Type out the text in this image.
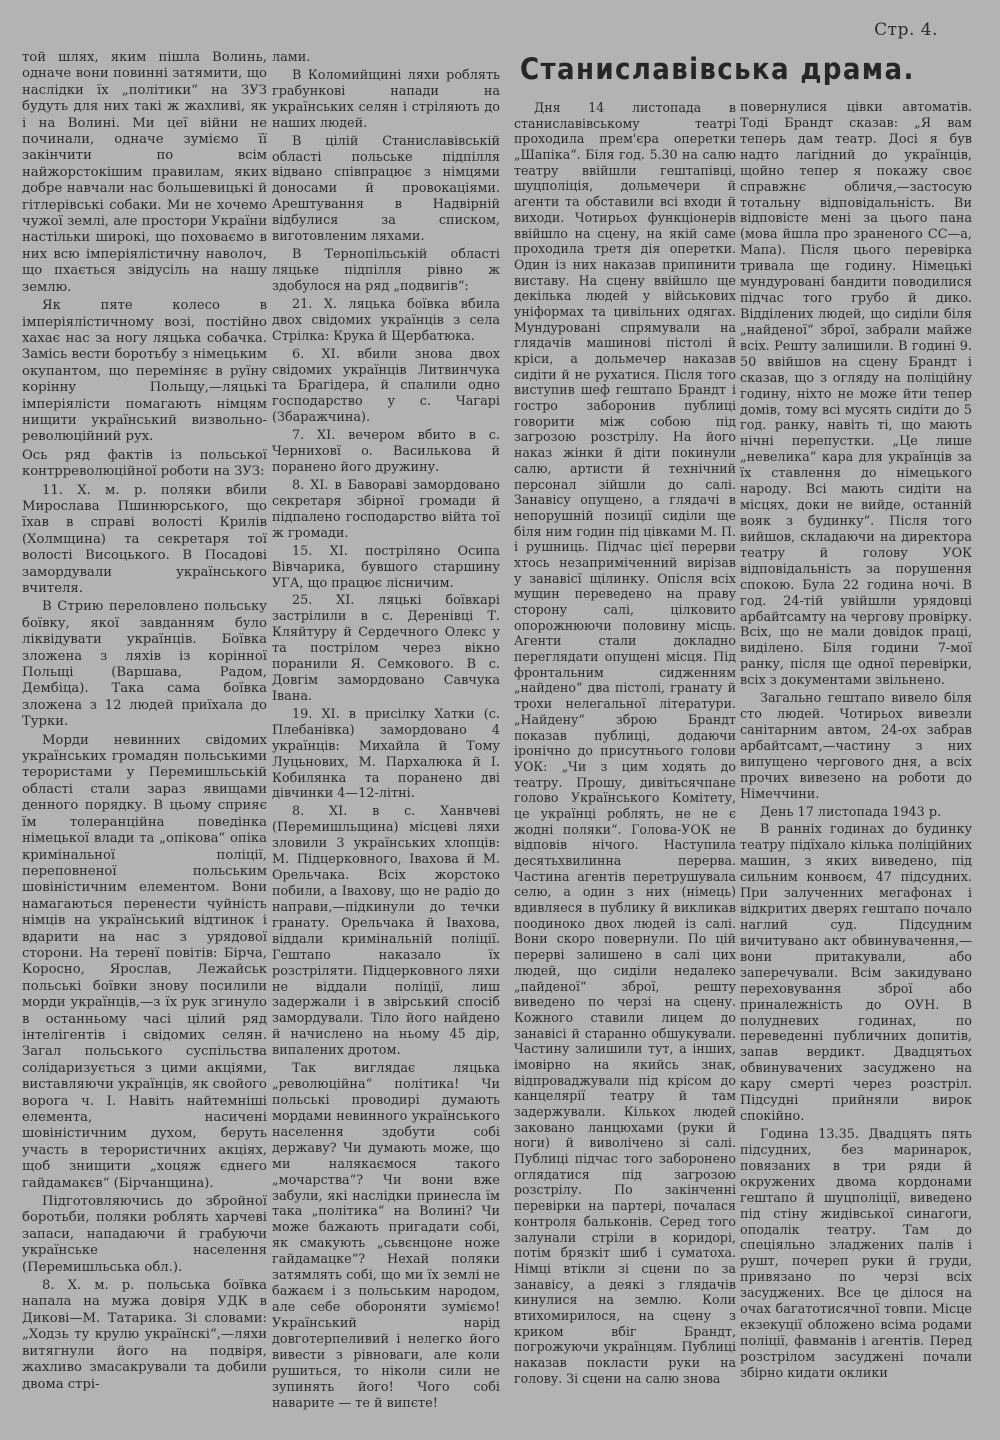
Стр. 4.
Станиславівська драма.

той шлях, яким пішла Волинь, одначе вони повинні затямити, що наслідки їх „політики“ на ЗУЗ будуть для них такі ж жахливі, як і на Волині. Ми цеї війни не починали, одначе зуміємо її закінчити по всім найжорстокішим правилам, яких добре навчали нас большевицькі й гітлерівські собаки. Ми не хочемо чужої землі, але простори України настільки широкі, що поховаємо в них всю імперіялістичну наволоч, що пхається звідусіль на нашу землю.

Як пяте колесо в імперіялістичному возі, постійно хахає нас за ногу ляцька собачка. Замісь вести боротьбу з німецьким окупантом, що переміняє в руїну корінну Польщу,—ляцькі імперіялісти помагають німцям нищити український визвольно-революційний рух.

Ось ряд фактів із польської контрреволюційної роботи на ЗУЗ:

11. Х. м. р. поляки вбили Мирослава Пшинюрського, що їхав в справі волості Крилів (Холмщина) та секретаря тої волості Висоцького. В Посадові замордували українського вчителя.

В Стрию переловлено польську боївку, якої завданням було ліквідувати українців. Боївка зложена з ляхів із корінної Польщі (Варшава, Радом, Дембіца). Така сама боївка зложена з 12 людей приїхала до Турки.

Морди невинних свідомих українських громадян польськими терористами у Перемишльській області стали зараз явищами денного порядку. В цьому сприяє їм толеранційна поведінка німецької влади та „опікова“ опіка кримінальної поліції, переповненої польським шовіністичним елементом. Вони намагаються перенести чуйність німців на український відтинок і вдарити на нас з урядової сторони. На теренї повітів: Бірча, Коросно, Ярослав, Лежайськ польські боївки знову посилили морди українців,—з їх рук згинуло в останньому часі цілий ряд інтелігентів і свідомих селян. Загал польського суспільства солідаризується з цими акціями, виставляючи українців, як свойого ворога ч. І. Навіть найтемніші елемента, насичені шовіністичним духом, беруть участь в терористичних акціях, щоб знищити „хоцяж єднего гайдамакєв“ (Бірчанщина).

Підготовляючись до збройної боротьби, поляки роблять харчеві запаси, нападаючи й грабуючи українське населення (Перемишльська обл.).

8. Х. м. р. польська боївка напала на мужа довіря УДК в Дикові—М. Татарика. Зі словами: „Ходзь ту крулю українскі“,—ляхи витягнули його на подвіря, жахливо змасакрували та добили двома стрі-

лами.

В Коломийщині ляхи роблять грабункові напади на українських селян і стріляють до наших людей.

В цілій Станиславівській області польське підпілля відвано співпрацює з німцями доносами й провокаціями. Арештування в Надвірній відбулися за списком, виготовленим ляхами.

В Тернопільській області ляцьке підпілля рівно ж здобулося на ряд „подвигів“:

21. Х. ляцька боївка вбила двох свідомих українців з села Стрілка: Крука й Щербатюка.

6. ХІ. вбили знова двох свідомих українців Литвинчука та Брагідера, й спалили одно господарство у с. Чагарі (Збаражчина).

7. ХІ. вечером вбито в с. Черниховї о. Василькова й поранено його дружину.

8. ХІ. в Бавораві замордовано секретаря збірної громади й підпалено господарство війта тої ж громади.

15. ХІ. постріляно Осипа Вівчарика, бувшого старшину УГА, що працює лісничим.

25. ХІ. ляцькі боївкарі застрілили в с. Деренівці Т. Кляйтуру й Сердечного Олекс у та пострілом через вікно поранили Я. Семкового. В с. Довгім замордовано Савчука Івана.

19. ХІ. в присілку Хатки (с. Плебанівка) замордовано 4 українців: Михайла й Тому Луцьнових, М. Пархалюка й І. Кобилянка та поранено дві дівчинки 4—12-літні.

8. ХІ. в с. Ханвчеві (Перемишльщина) місцеві ляхи зловили 3 українських хлопців: М. Підцерковного, Івахова й М. Орельчака. Всіх жорстоко побили, а Івахову, що не радіо до направи,—підкинули до течки гранату. Орельчака й Івахова, віддали кримінальній поліції. Гештапо наказало їх розстріляти. Підцерковного ляхи не віддали поліції, лиш задержали і в звірський спосіб замордували. Тіло його найдено й начислено на ньому 45 дір, випалених дротом.

Так виглядає ляцька „революційна“ політика! Чи польські проводирі думають мордами невинного українського населення здобути собі державу? Чи думають може, що ми налякаємося такого „мочарства“? Чи вони вже забули, які наслідки принесла їм така „політика“ на Волині? Чи може бажають пригадати собі, як смакують „сьвєнцоне ноже гайдамацке“? Нехай поляки затямлять собі, що ми їх землі не бажаєм і з польським народом, але себе обороняти зуміємо! Український нарід довготерпеливий і нелегко його вивести з рівноваги, але коли рушиться, то ніколи сили не зупинять його! Чого собі наварите — те й випєте!

Дня 14 листопада в станиславівському театрі проходила прем'єра оперетки „Шапіка“. Біля год. 5.30 на салю театру ввійшли гештапівці, шуцполіція, дольмечери й агенти та обставили всі входи й виходи. Чотирьох функціонерів ввійшло на сцену, на якій саме проходила третя дія оперетки. Один із них наказав припинити виставу. На сцену ввійшло ще декілька людей у військових уніформах та цивільних одягах. Мундуровані спрямували на глядачів машинові пістолі й кріси, а дольмечер наказав сидіти й не рухатися. Після того виступив шеф гештапо Брандт і гостро заборонив публиці говорити між собою під загрозою розстрілу. На його наказ жінки й діти покинули салю, артисти й технічний персонал зійшли до салі. Занавісу опущено, а глядачі в непорушній позиції сиділи ще біля ним годин під цівками М. П. і рушниць. Підчас цієї перерви хтось незаприміченний вирізав у занавісї щілинку. Опісля всіх мущин переведено на праву сторону салі, цілковито опорожнюючи половину місць. Агенти стали докладно переглядати опущені місця. Під фронтальним сидженням „найдено“ два пістолі, гранату й трохи нелегальної літератури. „Найдену“ зброю Брандт показав публиці, додаючи іронічно до присутнього голови УОК: „Чи з цим ходять до театру. Прошу, дивітьсячпане голово Українського Комітету, це українці роблять, не не є жодні поляки“. Голова-УОК не відповів нічого. Наступила десятьхвилинна перерва. Частина агентів перетрушувала селю, а один з них (німець) вдивляеся в публику й викликав поодиноко двох людей із салі. Вони скоро повернули. По цій перерві залишено в салі цих людей, що сиділи недалеко „пайденої“ зброї, решту виведено по черзі на сцену. Кожного ставили лицем до занавісі й старанно обшукували. Частину залишили тут, а інших, імовірно на якийсь знак, відпроваджували під крісом до канцелярії театру й там задержували. Кількох людей заковано ланцюхами (руки й ноги) й виволічено зі салі. Публиці підчас того заборонено оглядатися під загрозою розстрілу. По закінченні перевірки на партері, почалася контроля бальконів. Серед того залунали стріли в коридорі, потім брязкіт шиб і суматоха. Німці втікли зі сцени по за занавісу, а деякі з глядачів кинулися на землю. Коли втихомирилося, на сцену з криком вбіг Брандт, погрожуючи українцям. Публиці наказав покласти руки на голову. Зі сцени на салю знова

повернулися цівки автоматів. Тоді Брандт сказав: „Я вам теперь дам театр. Досі я був надто лагідний до українців, щойно тепер я покажу своє справжнє обличя,—застосую тотальну відповідальність. Ви відповісте мені за цього пана (мова йшла про зраненого СС—а, Мапа). Після цього перевірка тривала ще годину. Німецькі мундуровані бандити поводилися підчас того грубо й дико. Відділених людей, що сиділи біля „найденої“ зброї, забрали майже всіх. Решту залишили. В годині 9. 50 ввійшов на сцену Брандт і сказав, що з огляду на поліційну годину, ніхто не може йти тепер домів, тому всі мусять сидіти до 5 год. ранку, навіть ті, що мають нічні перепустки. „Це лише „невелика“ кара для українців за їх ставлення до німецького народу. Всі мають сидіти на місцях, доки не вийде, останній вояк з будинку“. Після того вийшов, складаючи на директора театру й голову УОК відповідальність за порушення спокою. Була 22 година ночі. В год. 24-тій увійшли урядовці арбайтсамту на чергову провірку. Всіх, що не мали довідок праці, виділено. Біля години 7-мої ранку, після ще одної перевірки, всіх з документами звільнено.

Загально гештапо вивело біля сто людей. Чотирьох вивезли санітарним автом, 24-ох забрав арбайтсамт,—частину з них випущено чергового дня, а всіх прочих вивезено на роботи до Німеччини.

День 17 листопада 1943 р.

В ранніх годинах до будинку театру підїхало кілька поліційних машин, з яких виведено, під сильним конвоєм, 47 підсудних. При залученних мегафонах і відкритих дверях гештапо почало наглий суд. Підсудним вичитувано акт обвинувачення,—вони притакували, або заперечували. Всім закидувано переховування зброї або приналежність до ОУН. В полудневих годинах, по переведенні публичних допитів, запав вердикт. Двадцятьох обвинувачених засуджено на кару смерті через розстріл. Підсудні прийняли вирок спокійно.

Година 13.35. Двадцять пять підсудних, без маринарок, повязаних в три ряди й окружених двома кордонами гештапо й шуцполіції, виведено під стіну жидівської синагоги, оподалік театру. Там до спеціяльно зладжених палів і рушт, почереп руки й груди, привязано по черзі всіх засуджених. Все це ділося на очах багатотисячної товпи. Місце екзекуції обложено всіма родами поліції, фавманів і агентів. Перед розстрілом засуджені почали збірно кидати оклики
